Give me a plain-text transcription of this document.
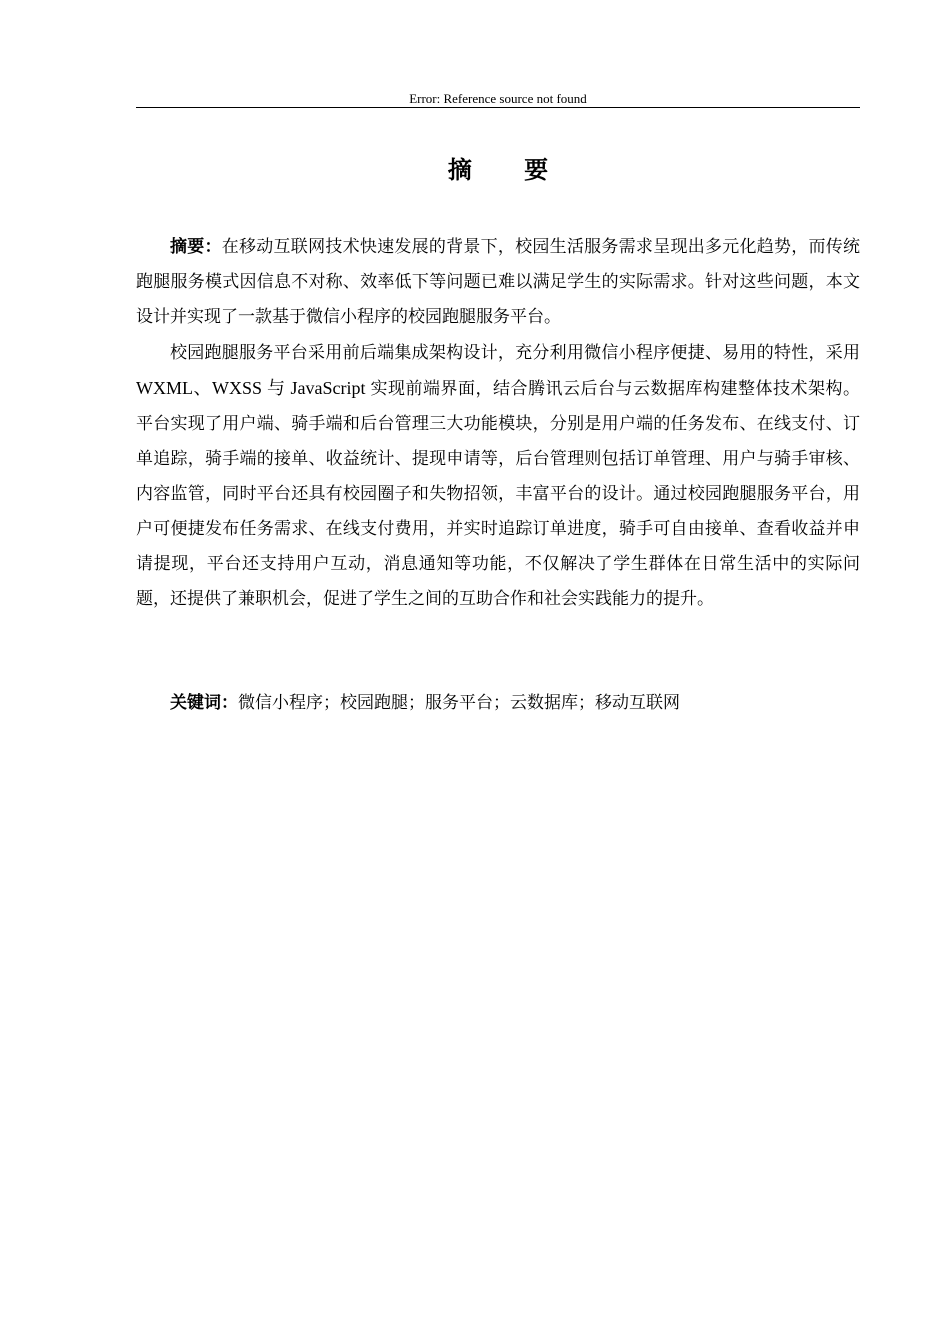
Error: Reference source not found
摘 要

摘要：在移动互联网技术快速发展的背景下，校园生活服务需求呈现出多元化趋势，而传统跑腿服务模式因信息不对称、效率低下等问题已难以满足学生的实际需求。针对这些问题，本文设计并实现了一款基于微信小程序的校园跑腿服务平台。

校园跑腿服务平台采用前后端集成架构设计，充分利用微信小程序便捷、易用的特性，采用 WXML、WXSS 与 JavaScript 实现前端界面，结合腾讯云后台与云数据库构建整体技术架构。平台实现了用户端、骑手端和后台管理三大功能模块，分别是用户端的任务发布、在线支付、订单追踪，骑手端的接单、收益统计、提现申请等，后台管理则包括订单管理、用户与骑手审核、内容监管，同时平台还具有校园圈子和失物招领，丰富平台的设计。通过校园跑腿服务平台，用户可便捷发布任务需求、在线支付费用，并实时追踪订单进度，骑手可自由接单、查看收益并申请提现，平台还支持用户互动，消息通知等功能，不仅解决了学生群体在日常生活中的实际问题，还提供了兼职机会，促进了学生之间的互助合作和社会实践能力的提升。

关键词：微信小程序；校园跑腿；服务平台；云数据库；移动互联网
